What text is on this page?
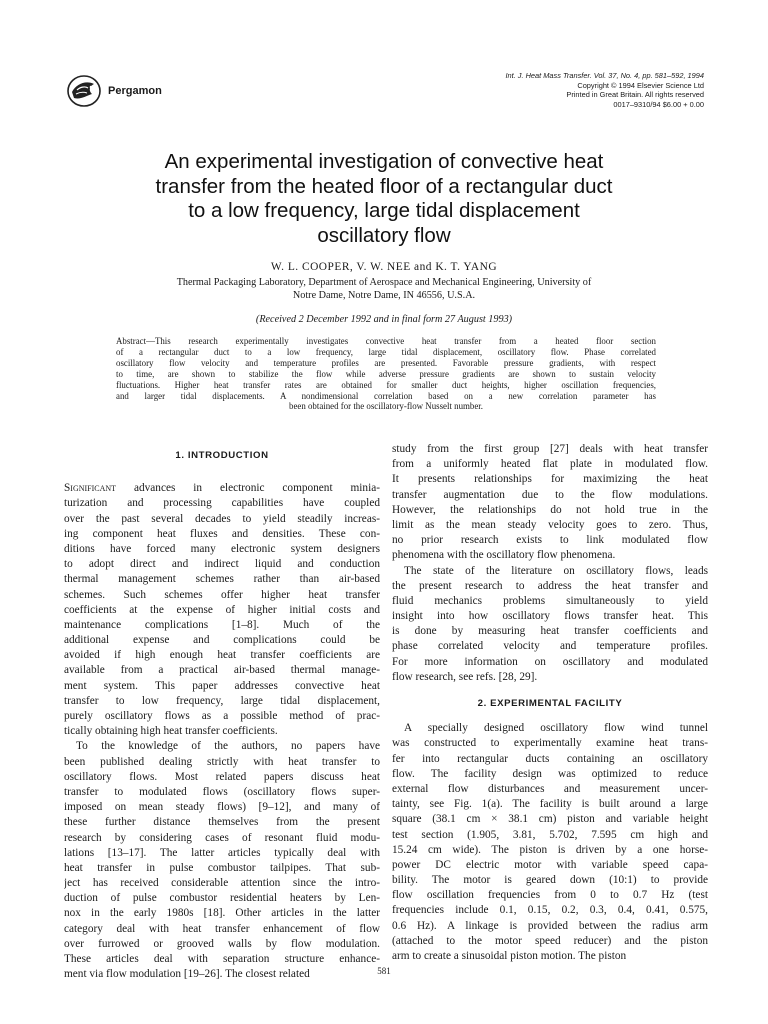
Pergamon
Int. J. Heat Mass Transfer. Vol. 37, No. 4, pp. 581–592, 1994
Copyright © 1994 Elsevier Science Ltd
Printed in Great Britain. All rights reserved
0017–9310/94 $6.00 + 0.00
An experimental investigation of convective heat
transfer from the heated floor of a rectangular duct
to a low frequency, large tidal displacement
oscillatory flow
W. L. COOPER, V. W. NEE and K. T. YANG
Thermal Packaging Laboratory, Department of Aerospace and Mechanical Engineering, University of
Notre Dame, Notre Dame, IN 46556, U.S.A.
(Received 2 December 1992 and in final form 27 August 1993)
Abstract—This research experimentally investigates convective heat transfer from a heated floor section
of a rectangular duct to a low frequency, large tidal displacement, oscillatory flow. Phase correlated
oscillatory flow velocity and temperature profiles are presented. Favorable pressure gradients, with respect
to time, are shown to stabilize the flow while adverse pressure gradients are shown to sustain velocity
fluctuations. Higher heat transfer rates are obtained for smaller duct heights, higher oscillation frequencies,
and larger tidal displacements. A nondimensional correlation based on a new correlation parameter has
been obtained for the oscillatory-flow Nusselt number.
1. INTRODUCTION
Significant advances in electronic component minia-
turization and processing capabilities have coupled
over the past several decades to yield steadily increas-
ing component heat fluxes and densities. These con-
ditions have forced many electronic system designers
to adopt direct and indirect liquid and conduction
thermal management schemes rather than air-based
schemes. Such schemes offer higher heat transfer
coefficients at the expense of higher initial costs and
maintenance complications [1–8]. Much of the
additional expense and complications could be
avoided if high enough heat transfer coefficients are
available from a practical air-based thermal manage-
ment system. This paper addresses convective heat
transfer to low frequency, large tidal displacement,
purely oscillatory flows as a possible method of prac-
tically obtaining high heat transfer coefficients.
To the knowledge of the authors, no papers have
been published dealing strictly with heat transfer to
oscillatory flows. Most related papers discuss heat
transfer to modulated flows (oscillatory flows super-
imposed on mean steady flows) [9–12], and many of
these further distance themselves from the present
research by considering cases of resonant fluid modu-
lations [13–17]. The latter articles typically deal with
heat transfer in pulse combustor tailpipes. That sub-
ject has received considerable attention since the intro-
duction of pulse combustor residential heaters by Len-
nox in the early 1980s [18]. Other articles in the latter
category deal with heat transfer enhancement of flow
over furrowed or grooved walls by flow modulation.
These articles deal with separation structure enhance-
ment via flow modulation [19–26]. The closest related
study from the first group [27] deals with heat transfer
from a uniformly heated flat plate in modulated flow.
It presents relationships for maximizing the heat
transfer augmentation due to the flow modulations.
However, the relationships do not hold true in the
limit as the mean steady velocity goes to zero. Thus,
no prior research exists to link modulated flow
phenomena with the oscillatory flow phenomena.
The state of the literature on oscillatory flows, leads
the present research to address the heat transfer and
fluid mechanics problems simultaneously to yield
insight into how oscillatory flows transfer heat. This
is done by measuring heat transfer coefficients and
phase correlated velocity and temperature profiles.
For more information on oscillatory and modulated
flow research, see refs. [28, 29].
2. EXPERIMENTAL FACILITY
A specially designed oscillatory flow wind tunnel
was constructed to experimentally examine heat trans-
fer into rectangular ducts containing an oscillatory
flow. The facility design was optimized to reduce
external flow disturbances and measurement uncer-
tainty, see Fig. 1(a). The facility is built around a large
square (38.1 cm × 38.1 cm) piston and variable height
test section (1.905, 3.81, 5.702, 7.595 cm high and
15.24 cm wide). The piston is driven by a one horse-
power DC electric motor with variable speed capa-
bility. The motor is geared down (10:1) to provide
flow oscillation frequencies from 0 to 0.7 Hz (test
frequencies include 0.1, 0.15, 0.2, 0.3, 0.4, 0.41, 0.575,
0.6 Hz). A linkage is provided between the radius arm
(attached to the motor speed reducer) and the piston
arm to create a sinusoidal piston motion. The piston
581
